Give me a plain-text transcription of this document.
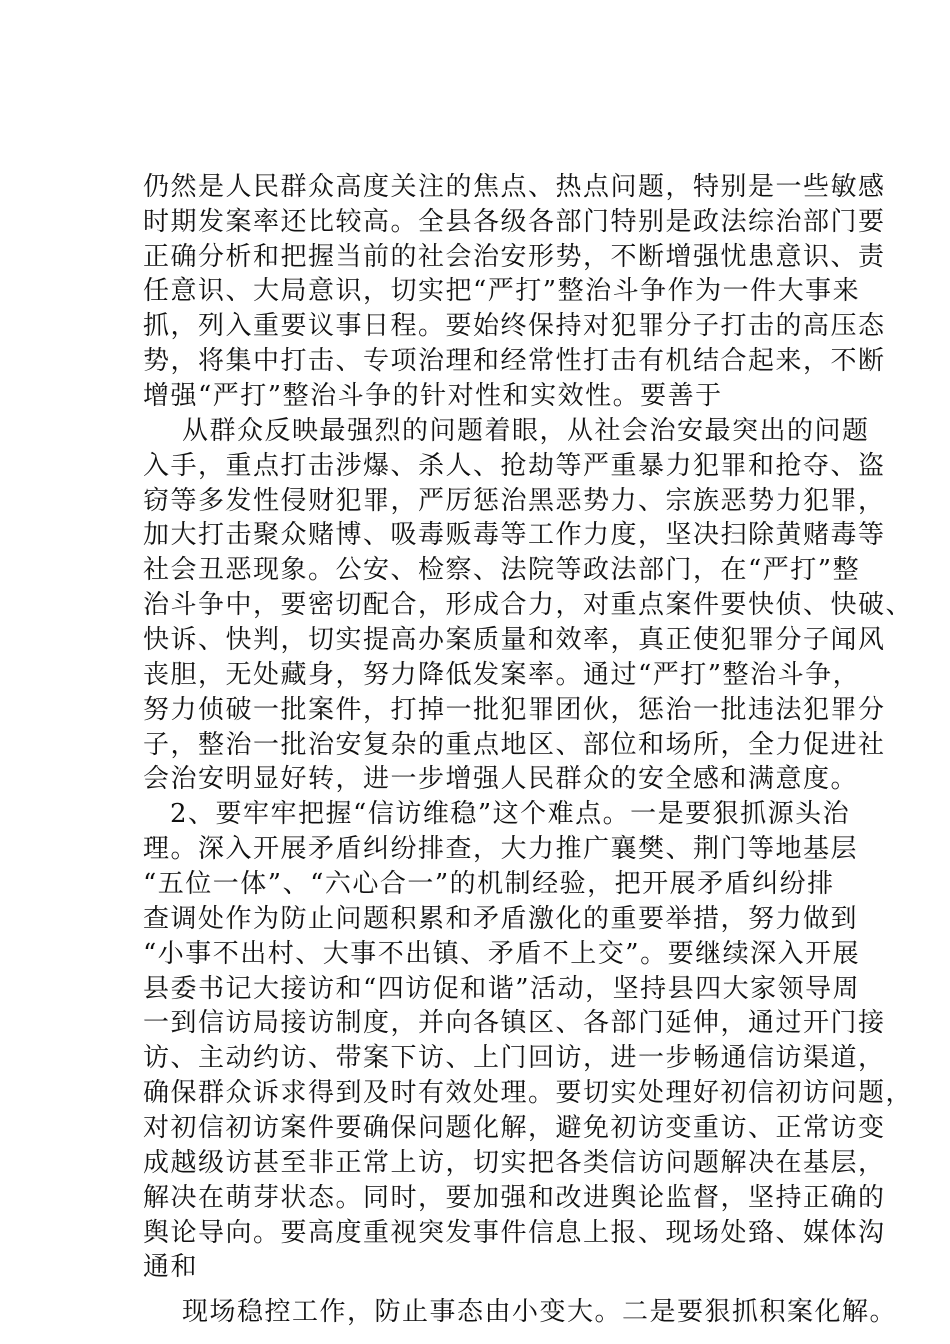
仍然是人民群众高度关注的焦点、热点问题，特别是一些敏感
时期发案率还比较高。全县各级各部门特别是政法综治部门要
正确分析和把握当前的社会治安形势，不断增强忧患意识、责
任意识、大局意识，切实把“严打”整治斗争作为一件大事来
抓，列入重要议事日程。要始终保持对犯罪分子打击的高压态
势，将集中打击、专项治理和经常性打击有机结合起来，不断
增强“严打”整治斗争的针对性和实效性。要善于
从群众反映最强烈的问题着眼，从社会治安最突出的问题
入手，重点打击涉爆、杀人、抢劫等严重暴力犯罪和抢夺、盗
窃等多发性侵财犯罪，严厉惩治黑恶势力、宗族恶势力犯罪，
加大打击聚众赌博、吸毒贩毒等工作力度，坚决扫除黄赌毒等
社会丑恶现象。公安、检察、法院等政法部门，在“严打”整
治斗争中，要密切配合，形成合力，对重点案件要快侦、快破、
快诉、快判，切实提高办案质量和效率，真正使犯罪分子闻风
丧胆，无处藏身，努力降低发案率。通过“严打”整治斗争，
努力侦破一批案件，打掉一批犯罪团伙，惩治一批违法犯罪分
子，整治一批治安复杂的重点地区、部位和场所，全力促进社
会治安明显好转，进一步增强人民群众的安全感和满意度。
2、要牢牢把握“信访维稳”这个难点。一是要狠抓源头治
理。深入开展矛盾纠纷排查，大力推广襄樊、荆门等地基层
“五位一体”、“六心合一”的机制经验，把开展矛盾纠纷排
查调处作为防止问题积累和矛盾激化的重要举措，努力做到
“小事不出村、大事不出镇、矛盾不上交”。要继续深入开展
县委书记大接访和“四访促和谐”活动，坚持县四大家领导周
一到信访局接访制度，并向各镇区、各部门延伸，通过开门接
访、主动约访、带案下访、上门回访，进一步畅通信访渠道，
确保群众诉求得到及时有效处理。要切实处理好初信初访问题，
对初信初访案件要确保问题化解，避免初访变重访、正常访变
成越级访甚至非正常上访，切实把各类信访问题解决在基层，
解决在萌芽状态。同时，要加强和改进舆论监督，坚持正确的
舆论导向。要高度重视突发事件信息上报、现场处臵、媒体沟
通和
现场稳控工作，防止事态由小变大。二是要狠抓积案化解。
